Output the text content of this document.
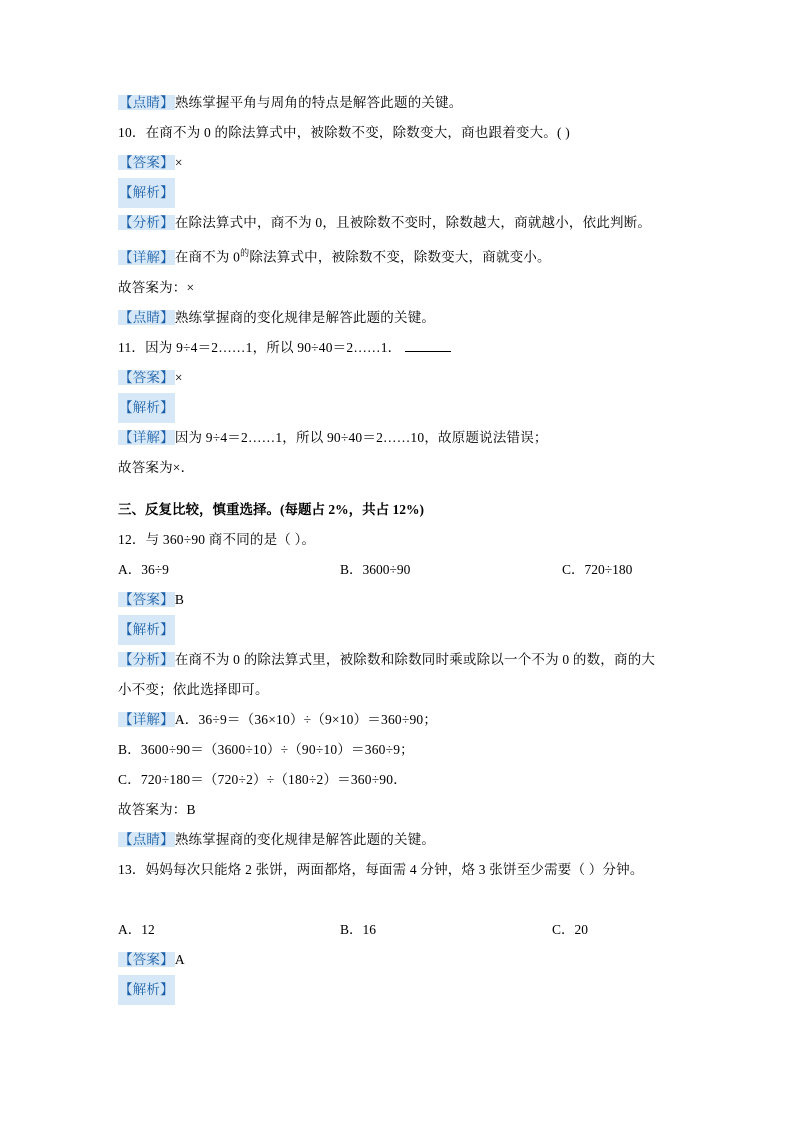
【点睛】熟练掌握平角与周角的特点是解答此题的关键。
10．在商不为 0 的除法算式中，被除数不变，除数变大，商也跟着变大。( )
【答案】×
【解析】
【分析】在除法算式中，商不为 0，且被除数不变时，除数越大，商就越小，依此判断。
【详解】在商不为 $0^的$除法算式中，被除数不变，除数变大，商就变小。
故答案为：×
【点睛】熟练掌握商的变化规律是解答此题的关键。
11．因为 9÷4＝2……1，所以 90÷40＝2……1．
【答案】×
【解析】
【详解】因为 9÷4＝2……1，所以 90÷40＝2……10，故原题说法错误；
故答案为×．
三、反复比较，慎重选择。(每题占 2%，共占 12%)
12．与 360÷90 商不同的是（ ）。
A．36÷9	B．3600÷90	C．720÷180
【答案】B
【解析】
【分析】在商不为 0 的除法算式里，被除数和除数同时乘或除以一个不为 0 的数，商的大
小不变；依此选择即可。
【详解】A．36÷9＝（36×10）÷（9×10）＝360÷90；
B．3600÷90＝（3600÷10）÷（90÷10）＝360÷9；
C．720÷180＝（720÷2）÷（180÷2）＝360÷90．
故答案为：B
【点睛】熟练掌握商的变化规律是解答此题的关键。
13．妈妈每次只能烙 2 张饼，两面都烙，每面需 4 分钟，烙 3 张饼至少需要（ ）分钟。
A．12	B．16	C．20
【答案】A
【解析】
